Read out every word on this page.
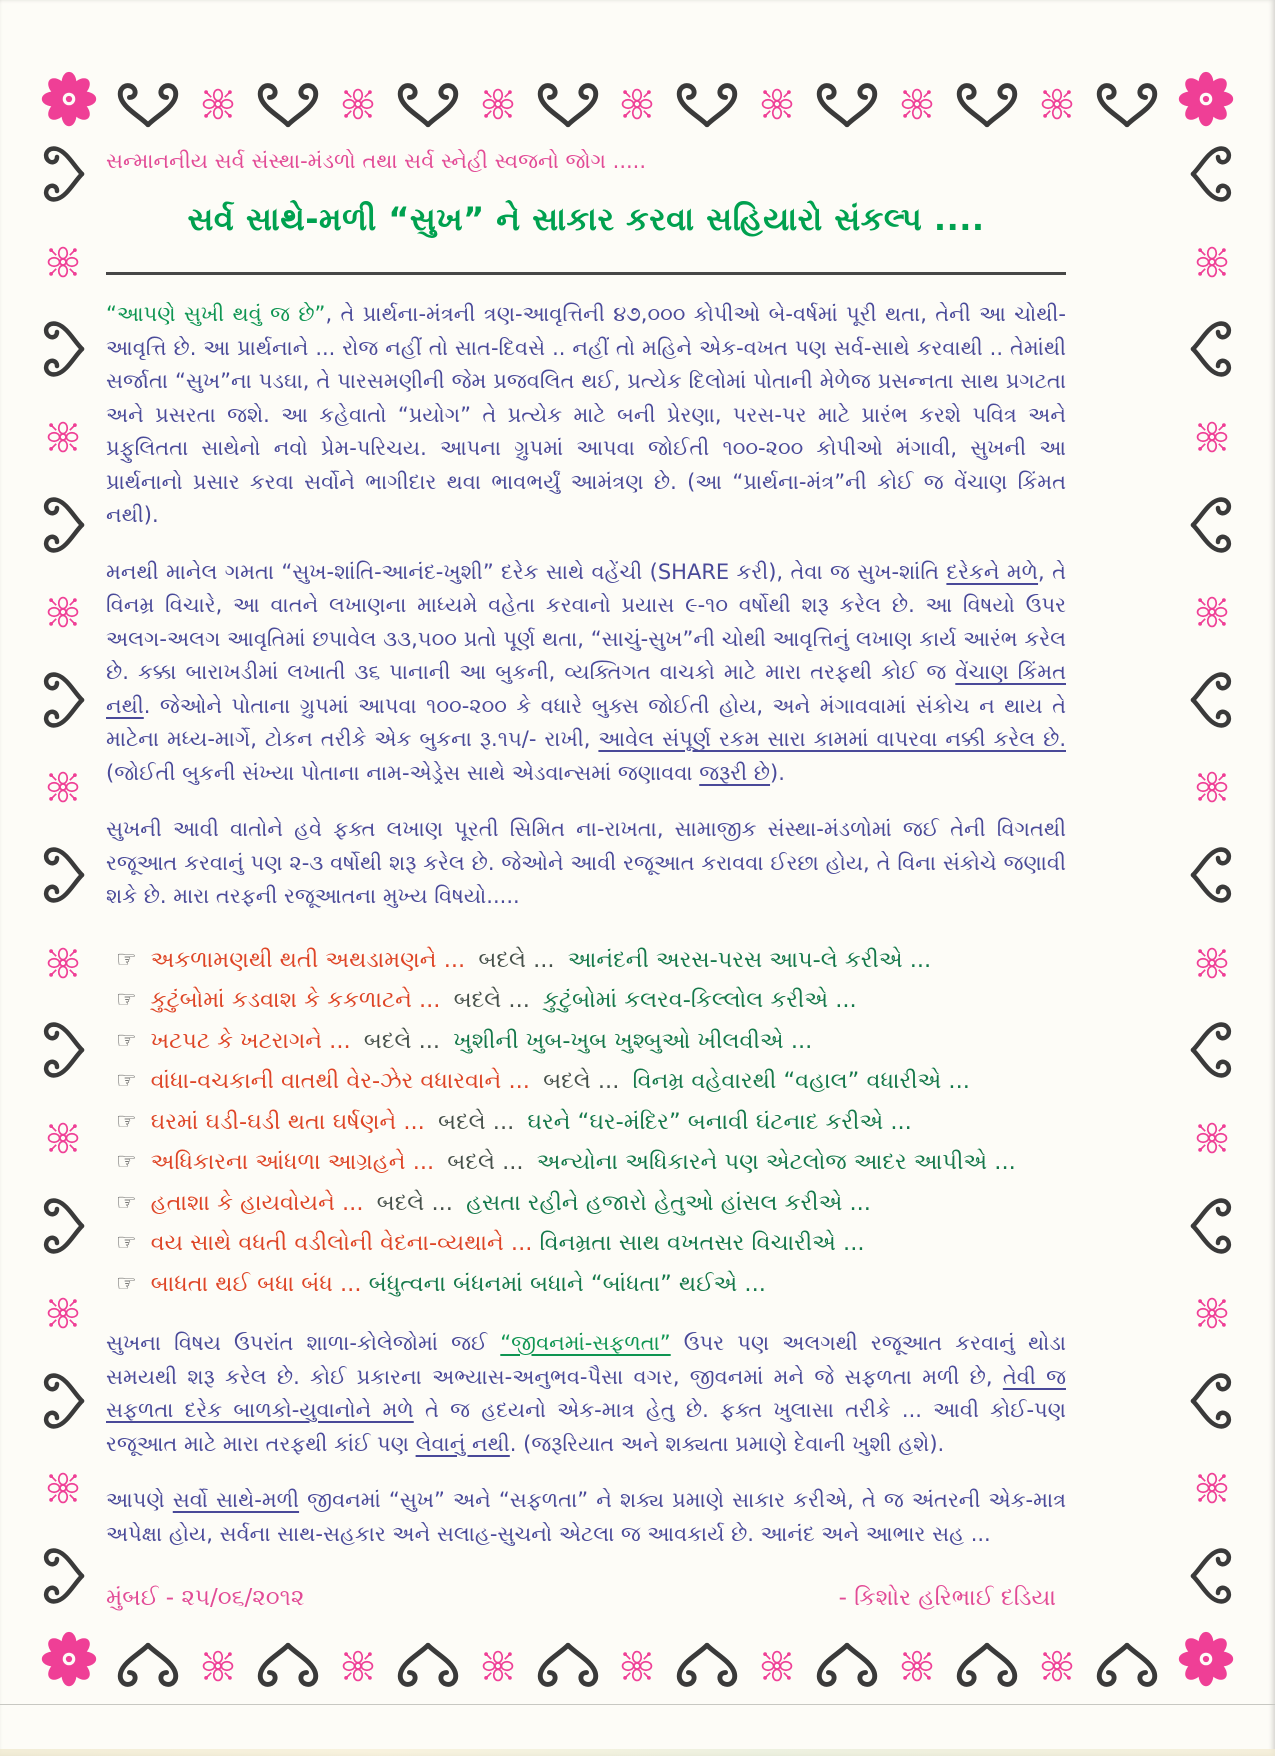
સન્માનનીય સર્વ સંસ્થા-મંડળો તથા સર્વ સ્નેહી સ્વજનો જોગ .....
સર્વ સાથે-મળી “સુખ” ને સાકાર કરવા સહિયારો સંકલ્પ ....

“આપણે સુખી થવું જ છે”, તે પ્રાર્થના-મંત્રની ત્રણ-આવૃત્તિની ૪૭,૦૦૦ કોપીઓ બે-વર્ષમાં પૂરી થતા, તેની આ ચોથી-આવૃત્તિ છે. આ પ્રાર્થનાને ... રોજ નહીં તો સાત-દિવસે .. નહીં તો મહિને એક-વખત પણ સર્વ-સાથે કરવાથી .. તેમાંથી સર્જાતા “સુખ”ના પડઘા, તે પારસમણીની જેમ પ્રજવલિત થઈ, પ્રત્યેક દિલોમાં પોતાની મેળેજ પ્રસન્નતા સાથ પ્રગટતા અને પ્રસરતા જશે. આ કહેવાતો “પ્રયોગ” તે પ્રત્યેક માટે બની પ્રેરણા, પરસ-પર માટે પ્રારંભ કરશે પવિત્ર અને પ્રફુલિતતા સાથેનો નવો પ્રેમ-પરિચય. આપના ગ્રુપમાં આપવા જોઈતી ૧૦૦-૨૦૦ કોપીઓ મંગાવી, સુખની આ પ્રાર્થનાનો પ્રસાર કરવા સર્વોને ભાગીદાર થવા ભાવભર્યું આમંત્રણ છે. (આ “પ્રાર્થના-મંત્ર”ની કોઈ જ વેંચાણ કિંમત નથી).

મનથી માનેલ ગમતા “સુખ-શાંતિ-આનંદ-ખુશી” દરેક સાથે વહેંચી (SHARE કરી), તેવા જ સુખ-શાંતિ દરેકને મળે, તે વિનમ્ર વિચારે, આ વાતને લખાણના માધ્યમે વહેતા કરવાનો પ્રયાસ ૯-૧૦ વર્ષોથી શરૂ કરેલ છે. આ વિષયો ઉપર અલગ-અલગ આવૃતિમાં છપાવેલ ૩૩,૫૦૦ પ્રતો પૂર્ણ થતા, “સાચું-સુખ”ની ચોથી આવૃત્તિનું લખાણ કાર્ય આરંભ કરેલ છે. કક્કા બારાખડીમાં લખાતી ૩૬ પાનાની આ બુકની, વ્યક્તિગત વાચકો માટે મારા તરફથી કોઈ જ વેંચાણ કિંમત નથી. જેઓને પોતાના ગ્રુપમાં આપવા ૧૦૦-૨૦૦ કે વધારે બુક્સ જોઈતી હોય, અને મંગાવવામાં સંકોચ ન થાય તે માટેના મધ્ય-માર્ગે, ટોકન તરીકે એક બુકના રૂ.૧૫/- રાખી, આવેલ સંપૂર્ણ રકમ સારા કામમાં વાપરવા નક્કી કરેલ છે. (જોઈતી બુકની સંખ્યા પોતાના નામ-એડ્રેસ સાથે એડવાન્સમાં જણાવવા જરૂરી છે).

સુખની આવી વાતોને હવે ફક્ત લખાણ પૂરતી સિમિત ના-રાખતા, સામાજીક સંસ્થા-મંડળોમાં જઈ તેની વિગતથી રજૂઆત કરવાનું પણ ૨-૩ વર્ષોથી શરૂ કરેલ છે. જેઓને આવી રજૂઆત કરાવવા ઈરછા હોય, તે વિના સંકોચે જણાવી શકે છે. મારા તરફની રજૂઆતના મુખ્ય વિષયો.....

☞ અકળામણથી થતી અથડામણને ... બદલે ... આનંદની અરસ-પરસ આપ-લે કરીએ ...
☞ કુટુંબોમાં કડવાશ કે કકળાટને ... બદલે ... કુટુંબોમાં કલરવ-કિલ્લોલ કરીએ ...
☞ ખટપટ કે ખટરાગને ... બદલે ... ખુશીની ખુબ-ખુબ ખુશ્બુઓ ખીલવીએ ...
☞ વાંધા-વચકાની વાતથી વેર-ઝેર વધારવાને ... બદલે ... વિનમ્ર વહેવારથી “વહાલ” વધારીએ ...
☞ ઘરમાં ઘડી-ઘડી થતા ઘર્ષણને ... બદલે ... ઘરને “ઘર-મંદિર” બનાવી ઘંટનાદ કરીએ ...
☞ અધિકારના આંધળા આગ્રહને ... બદલે ... અન્યોના અધિકારને પણ એટલોજ આદર આપીએ ...
☞ હતાશા કે હાયવોયને ... બદલે ... હસતા રહીને હજારો હેતુઓ હાંસલ કરીએ ...
☞ વય સાથે વધતી વડીલોની વેદના-વ્યથાને ... વિનમ્રતા સાથ વખતસર વિચારીએ ...
☞ બાધતા થઈ બધા બંધ ... બંધુત્વના બંધનમાં બધાને “બાંધતા” થઈએ ...

સુખના વિષય ઉપરાંત શાળા-કોલેજોમાં જઈ “જીવનમાં-સફળતા” ઉપર પણ અલગથી રજૂઆત કરવાનું થોડા સમયથી શરૂ કરેલ છે. કોઈ પ્રકારના અભ્યાસ-અનુભવ-પૈસા વગર, જીવનમાં મને જે સફળતા મળી છે, તેવી જ સફળતા દરેક બાળકો-યુવાનોને મળે તે જ હદયનો એક-માત્ર હેતુ છે. ફક્ત ખુલાસા તરીકે ... આવી કોઈ-પણ રજૂઆત માટે મારા તરફથી કાંઈ પણ લેવાનું નથી. (જરૂરિયાત અને શક્યતા પ્રમાણે દેવાની ખુશી હશે).

આપણે સર્વો સાથે-મળી જીવનમાં “સુખ” અને “સફળતા” ને શક્ય પ્રમાણે સાકાર કરીએ, તે જ અંતરની એક-માત્ર અપેક્ષા હોય, સર્વના સાથ-સહકાર અને સલાહ-સુચનો એટલા જ આવકાર્ય છે. આનંદ અને આભાર સહ ...

મુંબઈ - ૨૫/૦૬/૨૦૧૨	- કિશોર હરિભાઈ દડિયા
